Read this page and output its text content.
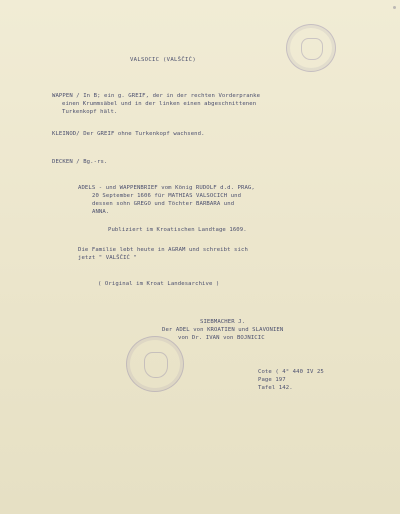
VALSOCIC (VALŠČIĆ)
WAPPEN / In B; ein g. GREIF, der in der rechten Vorderpranke
einen Krummsäbel und in der linken einen abgeschnittenen
Turkenkopf hält.
KLEINOD/ Der GREIF ohne Turkenkopf wachsend.
DECKEN / Bg.-rs.
ADELS - und WAPPENBRIEF vom König RUDOLF d.d. PRAG,
20 September 1606 für MATHIAS VALSOCICH und
dessen sohn GREGO und Töchter BARBARA und
ANNA.
Publiziert im Kroatischen Landtage 1609.
Die Familie lebt heute in AGRAM und schreibt sich
jetzt " VALŠČIĆ "
( Original im Kroat Landesarchive )
SIEBMACHER J.
Der ADEL von KROATIEN und SLAVONIEN
von Dr. IVAN von BOJNICIC
Cote ( 4° 440 IV 25
Page 197
Tafel 142.
